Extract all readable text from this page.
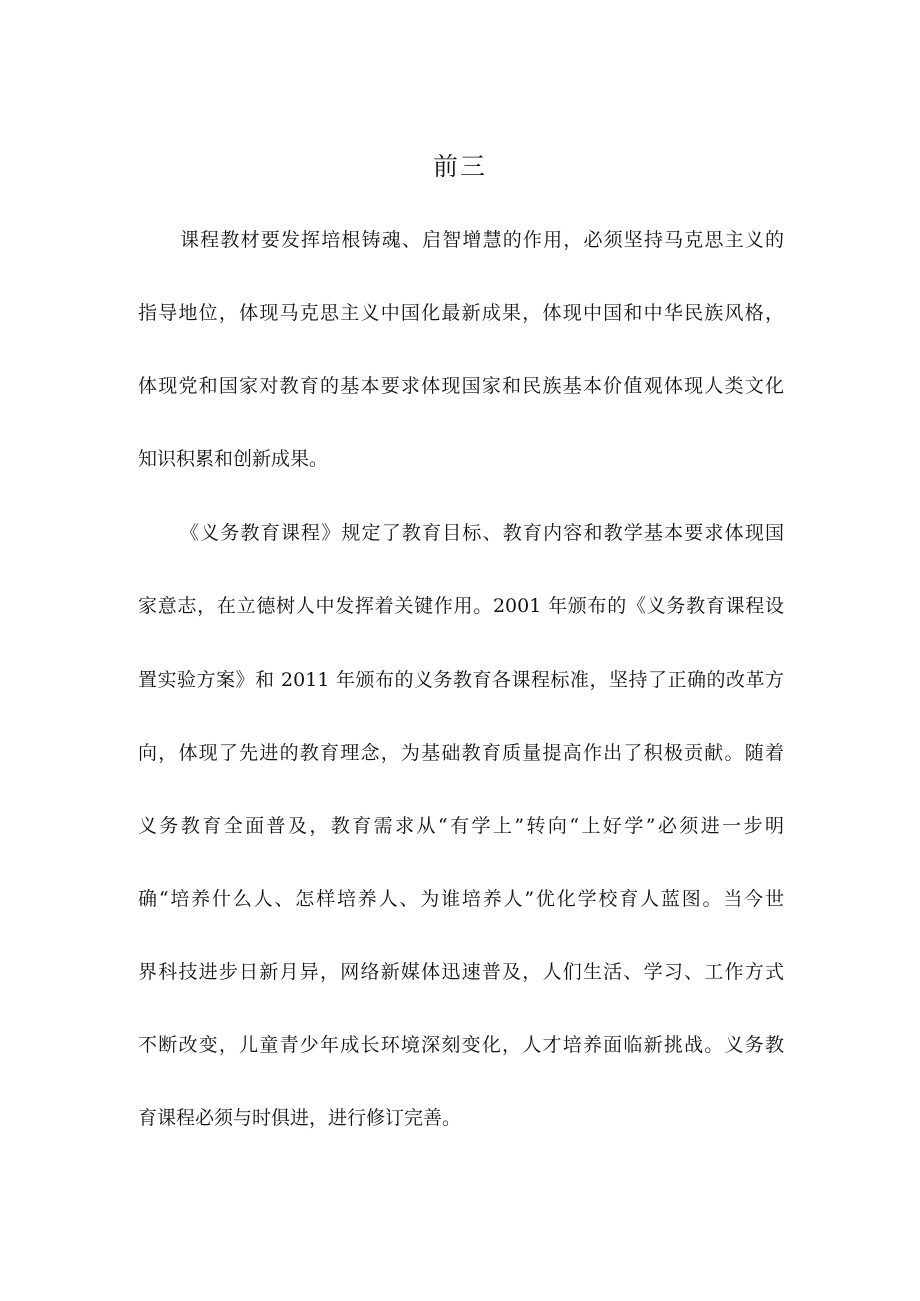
前三
课程教材要发挥培根铸魂、启智增慧的作用，必须坚持马克思主义的
指导地位，体现马克思主义中国化最新成果，体现中国和中华民族风格，
体现党和国家对教育的基本要求体现国家和民族基本价值观体现人类文化
知识积累和创新成果。
《义务教育课程》规定了教育目标、教育内容和教学基本要求体现国
家意志，在立德树人中发挥着关键作用。2001 年颁布的《义务教育课程设
置实验方案》和 2011 年颁布的义务教育各课程标准，坚持了正确的改革方
向，体现了先进的教育理念，为基础教育质量提高作出了积极贡献。随着
义务教育全面普及，教育需求从“有学上”转向“上好学”必须进一步明
确“培养什么人、怎样培养人、为谁培养人”优化学校育人蓝图。当今世
界科技进步日新月异，网络新媒体迅速普及，人们生活、学习、工作方式
不断改变，儿童青少年成长环境深刻变化，人才培养面临新挑战。义务教
育课程必须与时俱进，进行修订完善。
